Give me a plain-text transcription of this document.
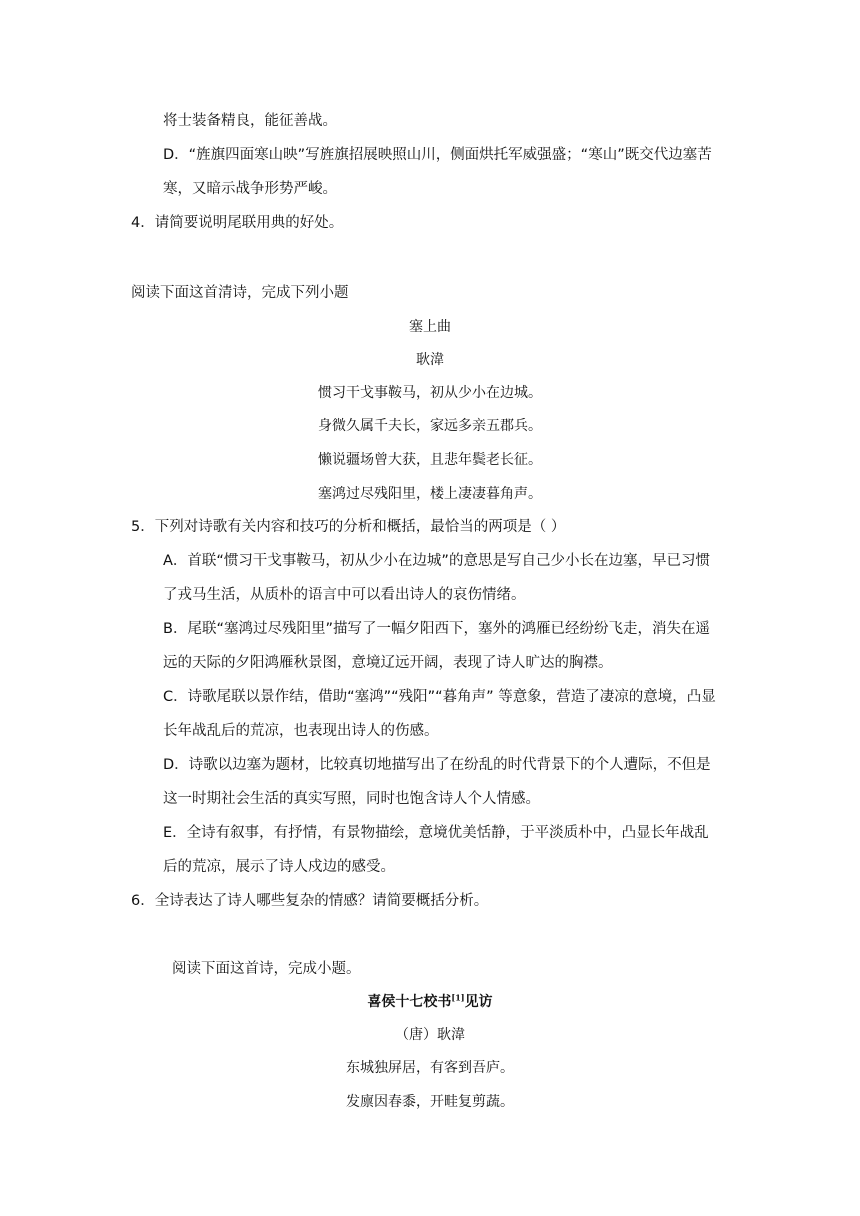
将士装备精良，能征善战。
D．“旌旗四面寒山映”写旌旗招展映照山川，侧面烘托军威强盛；“寒山”既交代边塞苦
寒，又暗示战争形势严峻。
4．请简要说明尾联用典的好处。
阅读下面这首清诗，完成下列小题
塞上曲
耿湋
惯习干戈事鞍马，初从少小在边城。
身微久属千夫长，家远多亲五郡兵。
懒说疆场曾大获，且悲年鬓老长征。
塞鸿过尽残阳里，楼上凄凄暮角声。
5．下列对诗歌有关内容和技巧的分析和概括，最恰当的两项是（ ）
A．首联“惯习干戈事鞍马，初从少小在边城”的意思是写自己少小长在边塞，早已习惯
了戎马生活，从质朴的语言中可以看出诗人的哀伤情绪。
B．尾联“塞鸿过尽残阳里”描写了一幅夕阳西下，塞外的鸿雁已经纷纷飞走，消失在遥
远的天际的夕阳鸿雁秋景图，意境辽远开阔，表现了诗人旷达的胸襟。
C．诗歌尾联以景作结，借助“塞鸿”“残阳”“暮角声” 等意象，营造了凄凉的意境，凸显
长年战乱后的荒凉，也表现出诗人的伤感。
D．诗歌以边塞为题材，比较真切地描写出了在纷乱的时代背景下的个人遭际，不但是
这一时期社会生活的真实写照，同时也饱含诗人个人情感。
E．全诗有叙事，有抒情，有景物描绘，意境优美恬静，于平淡质朴中，凸显长年战乱
后的荒凉，展示了诗人戍边的感受。
6．全诗表达了诗人哪些复杂的情感？请简要概括分析。
阅读下面这首诗，完成小题。
喜侯十七校书[1]见访
（唐）耿湋
东城独屏居，有客到吾庐。
发廪因春黍，开畦复剪蔬。
